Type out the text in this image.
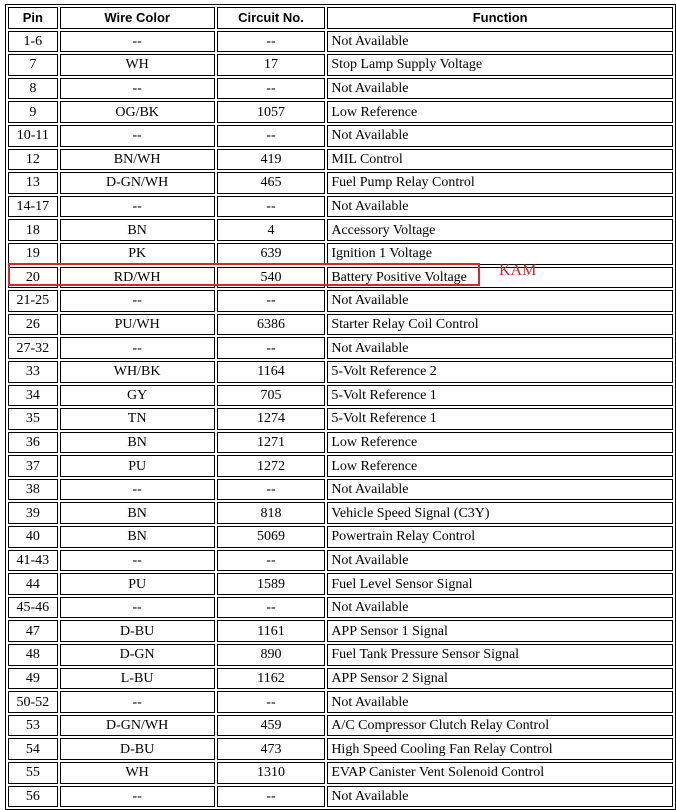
Pin	Wire Color	Circuit No.	Function
1-6	--	--	Not Available
7	WH	17	Stop Lamp Supply Voltage
8	--	--	Not Available
9	OG/BK	1057	Low Reference
10-11	--	--	Not Available
12	BN/WH	419	MIL Control
13	D-GN/WH	465	Fuel Pump Relay Control
14-17	--	--	Not Available
18	BN	4	Accessory Voltage
19	PK	639	Ignition 1 Voltage
20	RD/WH	540	Battery Positive Voltage
21-25	--	--	Not Available
26	PU/WH	6386	Starter Relay Coil Control
27-32	--	--	Not Available
33	WH/BK	1164	5-Volt Reference 2
34	GY	705	5-Volt Reference 1
35	TN	1274	5-Volt Reference 1
36	BN	1271	Low Reference
37	PU	1272	Low Reference
38	--	--	Not Available
39	BN	818	Vehicle Speed Signal (C3Y)
40	BN	5069	Powertrain Relay Control
41-43	--	--	Not Available
44	PU	1589	Fuel Level Sensor Signal
45-46	--	--	Not Available
47	D-BU	1161	APP Sensor 1 Signal
48	D-GN	890	Fuel Tank Pressure Sensor Signal
49	L-BU	1162	APP Sensor 2 Signal
50-52	--	--	Not Available
53	D-GN/WH	459	A/C Compressor Clutch Relay Control
54	D-BU	473	High Speed Cooling Fan Relay Control
55	WH	1310	EVAP Canister Vent Solenoid Control
56	--	--	Not Available
KAM
